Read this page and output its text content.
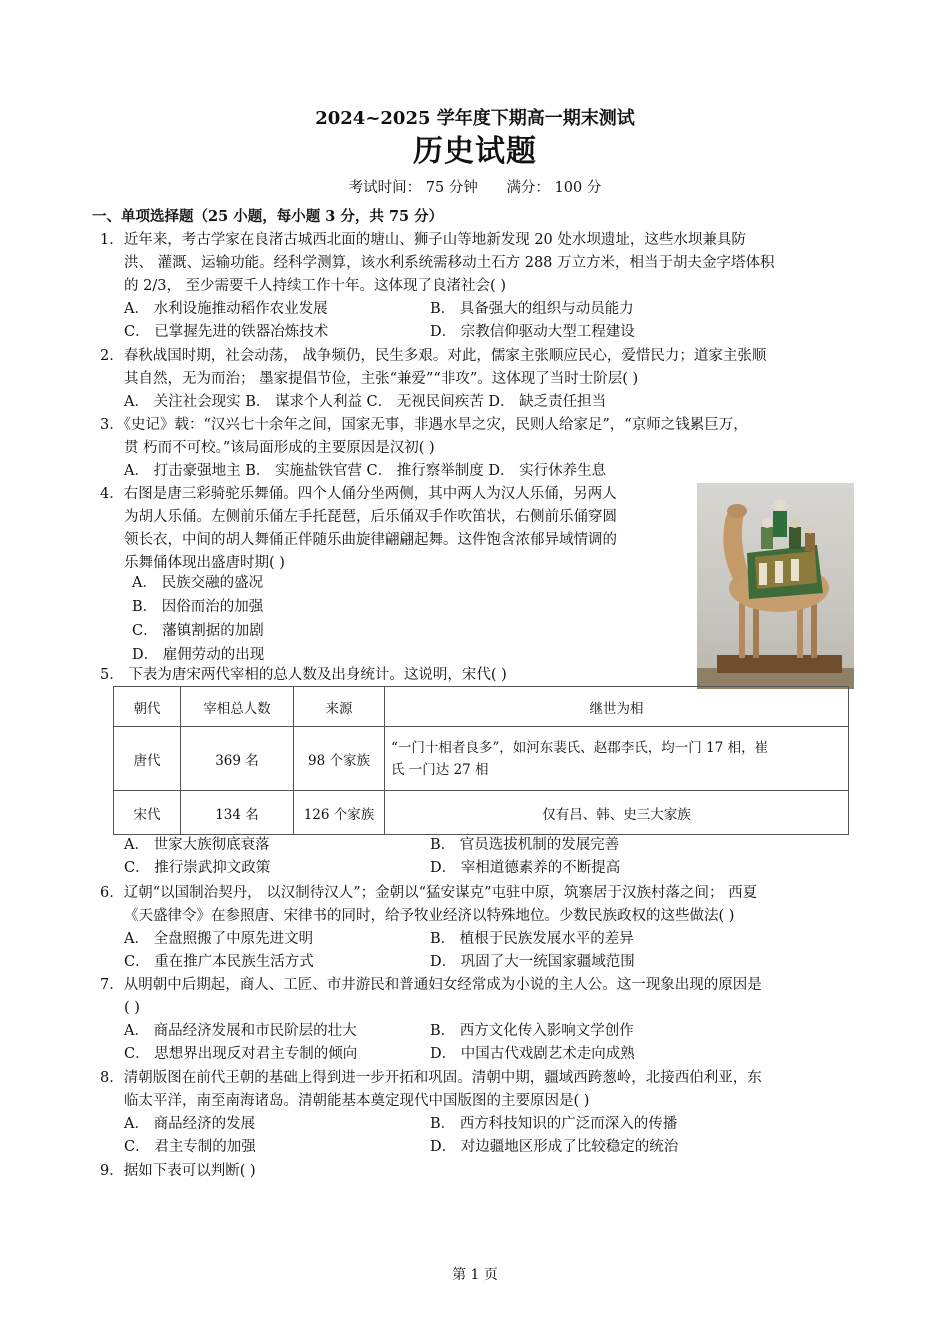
2024~2025 学年度下期高一期末测试
历史试题
考试时间： 75 分钟 满分： 100 分
一、单项选择题（25 小题，每小题 3 分，共 75 分）
1．近年来，考古学家在良渚古城西北面的塘山、狮子山等地新发现 20 处水坝遗址，这些水坝兼具防
洪、 灌溉、运输功能。经科学测算，该水利系统需移动土石方 288 万立方米，相当于胡夫金字塔体积
的 2/3， 至少需要千人持续工作十年。这体现了良渚社会( )
A． 水利设施推动稻作农业发展	B． 具备强大的组织与动员能力
C． 已掌握先进的铁器冶炼技术	D． 宗教信仰驱动大型工程建设
2．春秋战国时期，社会动荡， 战争频仍，民生多艰。对此，儒家主张顺应民心，爱惜民力；道家主张顺
其自然，无为而治； 墨家提倡节俭，主张“兼爱”“非攻”。这体现了当时士阶层( )
A． 关注社会现实 B． 谋求个人利益 C． 无视民间疾苦 D． 缺乏责任担当
3．《史记》载：“汉兴七十余年之间，国家无事，非遇水旱之灾，民则人给家足”，“京师之钱累巨万，
贯 朽而不可校。”该局面形成的主要原因是汉初( )
A． 打击豪强地主 B． 实施盐铁官营 C． 推行察举制度 D． 实行休养生息
4．右图是唐三彩骑驼乐舞俑。四个人俑分坐两侧，其中两人为汉人乐俑，另两人
为胡人乐俑。左侧前乐俑左手托琵琶，后乐俑双手作吹笛状，右侧前乐俑穿圆
领长衣，中间的胡人舞俑正伴随乐曲旋律翩翩起舞。这件饱含浓郁异域情调的
乐舞俑体现出盛唐时期( )
A． 民族交融的盛况
B． 因俗而治的加强
C． 藩镇割据的加剧
D． 雇佣劳动的出现
5． 下表为唐宋两代宰相的总人数及出身统计。这说明，宋代( )
朝代	宰相总人数	来源	继世为相
唐代	369 名	98 个家族	“一门十相者良多”，如河东裴氏、赵郡李氏，均一门 17 相，崔
氏 一门达 27 相

宋代	134 名	126 个家族	仅有吕、韩、史三大家族
A． 世家大族彻底衰落	B． 官员选拔机制的发展完善
C． 推行崇武抑文政策	D． 宰相道德素养的不断提高
6．辽朝“以国制治契丹， 以汉制待汉人”；金朝以“猛安谋克”屯驻中原，筑寨居于汉族村落之间； 西夏
《天盛律令》在参照唐、宋律书的同时，给予牧业经济以特殊地位。少数民族政权的这些做法( )
A． 全盘照搬了中原先进文明	B． 植根于民族发展水平的差异
C． 重在推广本民族生活方式	D． 巩固了大一统国家疆域范围
7．从明朝中后期起，商人、工匠、市井游民和普通妇女经常成为小说的主人公。这一现象出现的原因是
( )
A． 商品经济发展和市民阶层的壮大	B． 西方文化传入影响文学创作
C． 思想界出现反对君主专制的倾向	D． 中国古代戏剧艺术走向成熟
8．清朝版图在前代王朝的基础上得到进一步开拓和巩固。清朝中期，疆域西跨葱岭，北接西伯利亚，东
临太平洋，南至南海诸岛。清朝能基本奠定现代中国版图的主要原因是( )
A． 商品经济的发展	B． 西方科技知识的广泛而深入的传播
C． 君主专制的加强	D． 对边疆地区形成了比较稳定的统治
9．据如下表可以判断( )
第 1 页
